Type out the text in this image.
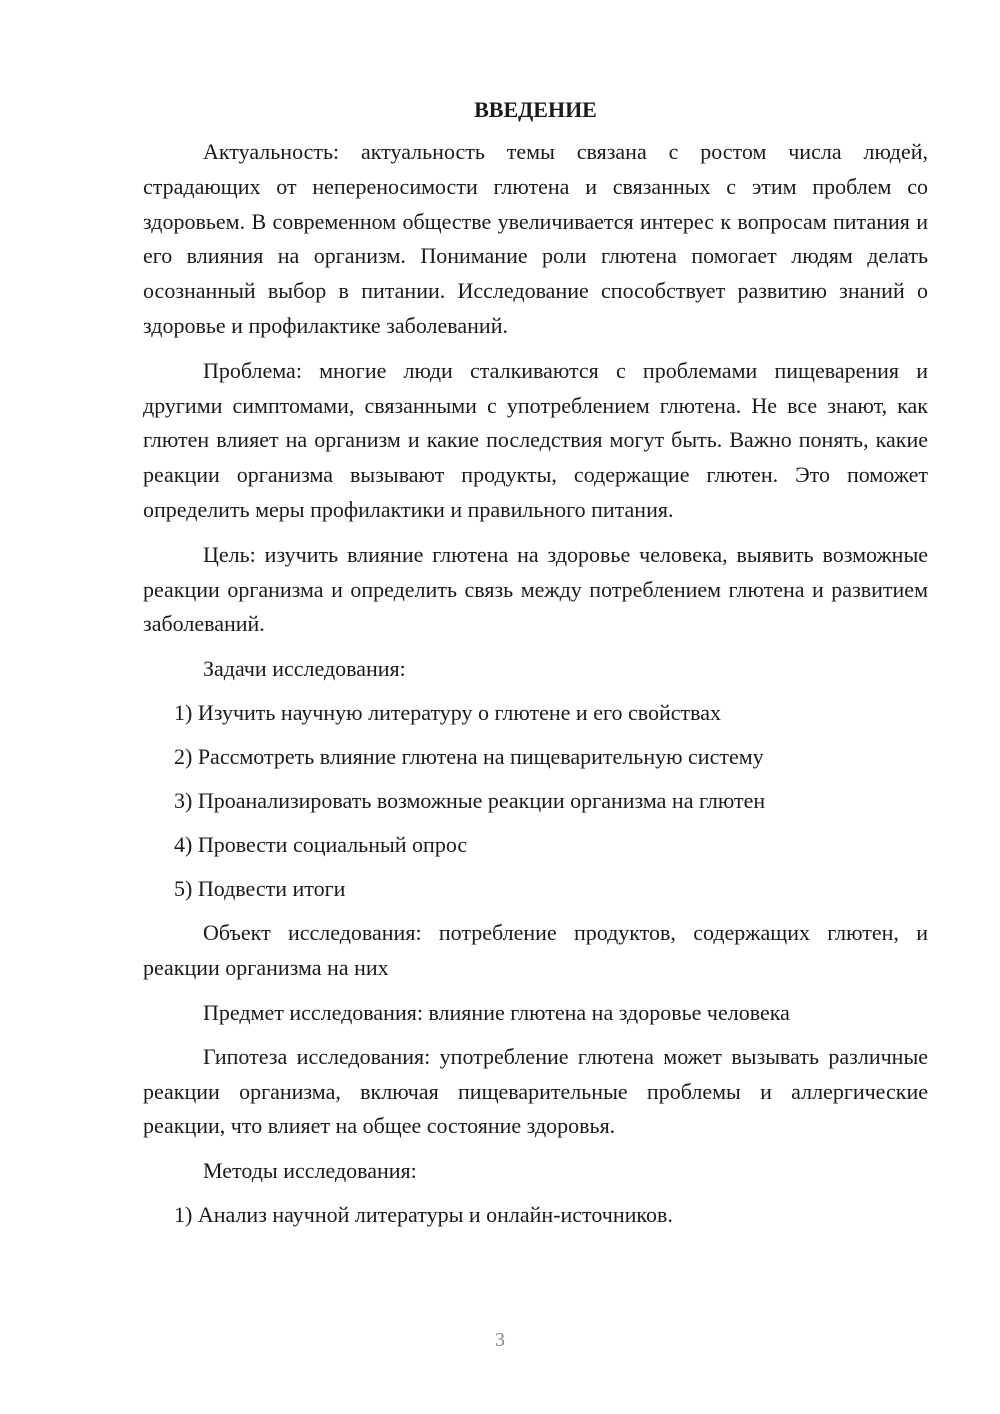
ВВЕДЕНИЕ

Актуальность: актуальность темы связана с ростом числа людей, страдающих от непереносимости глютена и связанных с этим проблем со здоровьем. В современном обществе увеличивается интерес к вопросам питания и его влияния на организм. Понимание роли глютена помогает людям делать осознанный выбор в питании. Исследование способствует развитию знаний о здоровье и профилактике заболеваний.

Проблема: многие люди сталкиваются с проблемами пищеварения и другими симптомами, связанными с употреблением глютена. Не все знают, как глютен влияет на организм и какие последствия могут быть. Важно понять, какие реакции организма вызывают продукты, содержащие глютен. Это поможет определить меры профилактики и правильного питания.

Цель: изучить влияние глютена на здоровье человека, выявить возможные реакции организма и определить связь между потреблением глютена и развитием заболеваний.

Задачи исследования:
1) Изучить научную литературу о глютене и его свойствах
2) Рассмотреть влияние глютена на пищеварительную систему
3) Проанализировать возможные реакции организма на глютен
4) Провести социальный опрос
5) Подвести итоги

Объект исследования: потребление продуктов, содержащих глютен, и реакции организма на них

Предмет исследования: влияние глютена на здоровье человека

Гипотеза исследования: употребление глютена может вызывать различные реакции организма, включая пищеварительные проблемы и аллергические реакции, что влияет на общее состояние здоровья.

Методы исследования:
1) Анализ научной литературы и онлайн-источников.
3
